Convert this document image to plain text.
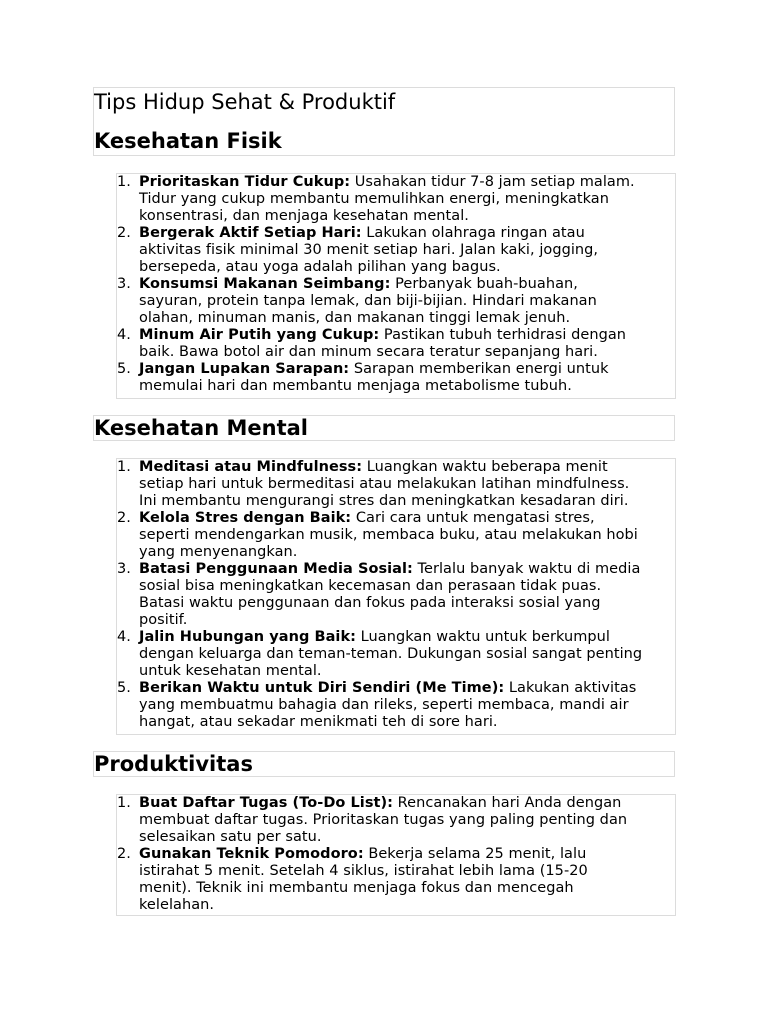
Tips Hidup Sehat & Produktif
Kesehatan Fisik
1. Prioritaskan Tidur Cukup: Usahakan tidur 7-8 jam setiap malam.
Tidur yang cukup membantu memulihkan energi, meningkatkan
konsentrasi, dan menjaga kesehatan mental.
2. Bergerak Aktif Setiap Hari: Lakukan olahraga ringan atau
aktivitas fisik minimal 30 menit setiap hari. Jalan kaki, jogging,
bersepeda, atau yoga adalah pilihan yang bagus.
3. Konsumsi Makanan Seimbang: Perbanyak buah-buahan,
sayuran, protein tanpa lemak, dan biji-bijian. Hindari makanan
olahan, minuman manis, dan makanan tinggi lemak jenuh.
4. Minum Air Putih yang Cukup: Pastikan tubuh terhidrasi dengan
baik. Bawa botol air dan minum secara teratur sepanjang hari.
5. Jangan Lupakan Sarapan: Sarapan memberikan energi untuk
memulai hari dan membantu menjaga metabolisme tubuh.
Kesehatan Mental
1. Meditasi atau Mindfulness: Luangkan waktu beberapa menit
setiap hari untuk bermeditasi atau melakukan latihan mindfulness.
Ini membantu mengurangi stres dan meningkatkan kesadaran diri.
2. Kelola Stres dengan Baik: Cari cara untuk mengatasi stres,
seperti mendengarkan musik, membaca buku, atau melakukan hobi
yang menyenangkan.
3. Batasi Penggunaan Media Sosial: Terlalu banyak waktu di media
sosial bisa meningkatkan kecemasan dan perasaan tidak puas.
Batasi waktu penggunaan dan fokus pada interaksi sosial yang
positif.
4. Jalin Hubungan yang Baik: Luangkan waktu untuk berkumpul
dengan keluarga dan teman-teman. Dukungan sosial sangat penting
untuk kesehatan mental.
5. Berikan Waktu untuk Diri Sendiri (Me Time): Lakukan aktivitas
yang membuatmu bahagia dan rileks, seperti membaca, mandi air
hangat, atau sekadar menikmati teh di sore hari.
Produktivitas
1. Buat Daftar Tugas (To-Do List): Rencanakan hari Anda dengan
membuat daftar tugas. Prioritaskan tugas yang paling penting dan
selesaikan satu per satu.
2. Gunakan Teknik Pomodoro: Bekerja selama 25 menit, lalu
istirahat 5 menit. Setelah 4 siklus, istirahat lebih lama (15-20
menit). Teknik ini membantu menjaga fokus dan mencegah
kelelahan.
